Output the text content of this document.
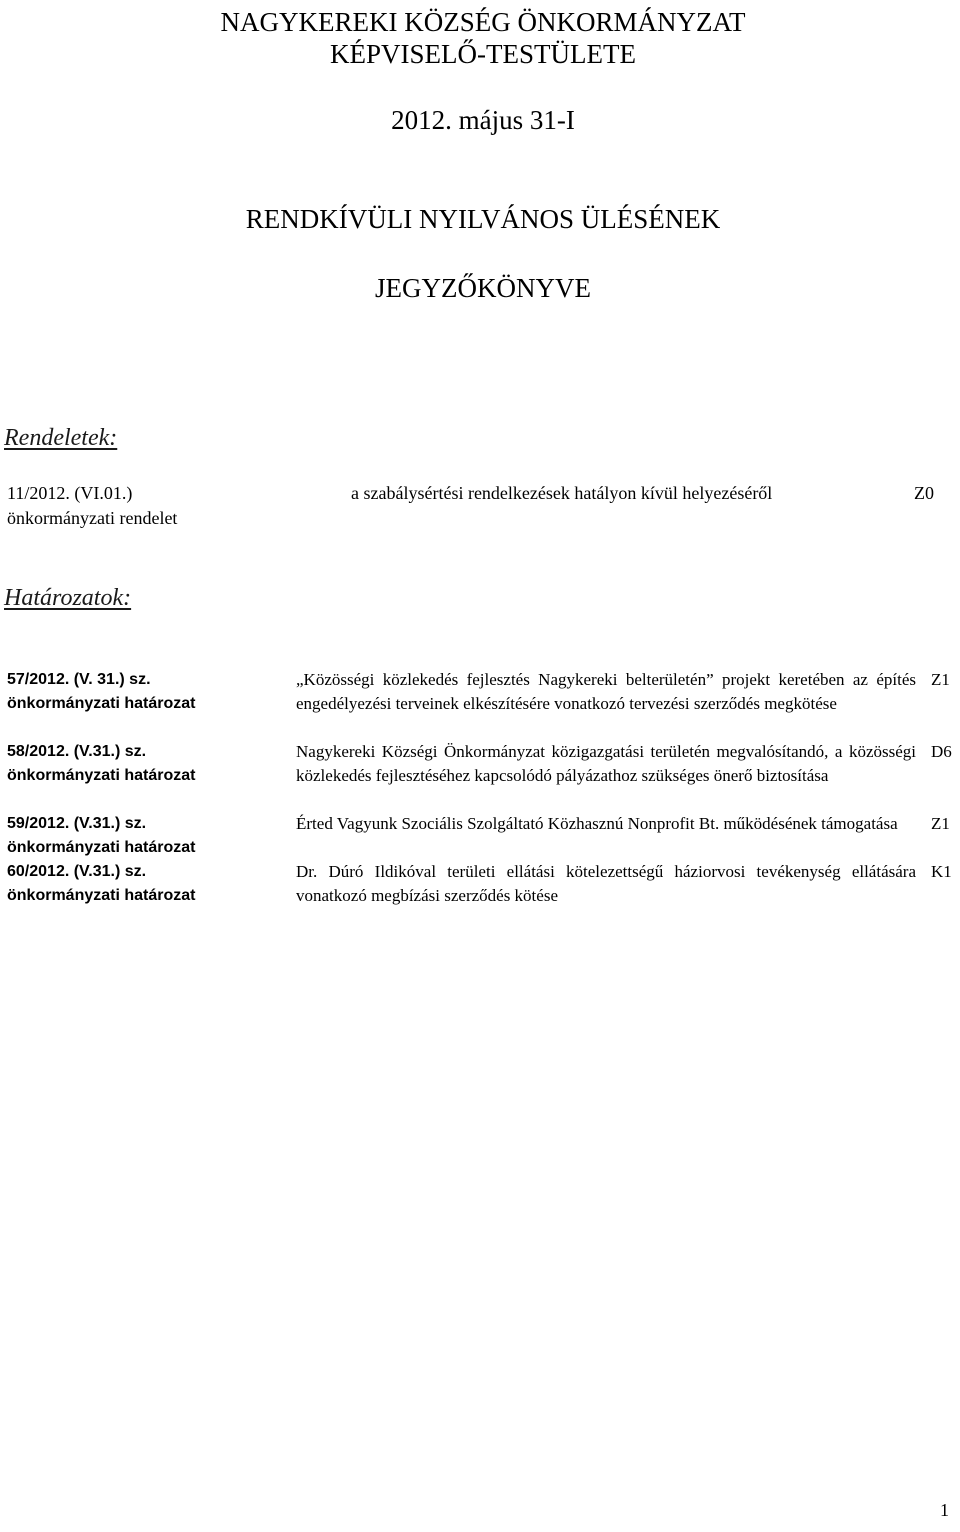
NAGYKEREKI KÖZSÉG ÖNKORMÁNYZAT
KÉPVISELŐ-TESTÜLETE
2012. május 31-I
RENDKÍVÜLI NYILVÁNOS ÜLÉSÉNEK
JEGYZŐKÖNYVE
Rendeletek:
11/2012. (VI.01.)
önkormányzati rendelet
a szabálysértési rendelkezések hatályon kívül helyezéséről	Z0
Határozatok:
57/2012. (V. 31.) sz.
önkormányzati határozat
„Közösségi közlekedés fejlesztés Nagykereki belterületén” projekt keretében az építés engedélyezési terveinek elkészítésére vonatkozó tervezési szerződés megkötése
Z1
58/2012. (V.31.) sz.
önkormányzati határozat
Nagykereki Községi Önkormányzat közigazgatási területén megvalósítandó, a közösségi közlekedés fejlesztéséhez kapcsolódó pályázathoz szükséges önerő biztosítása
D6
59/2012. (V.31.) sz.
önkormányzati határozat
Érted Vagyunk Szociális Szolgáltató Közhasznú Nonprofit Bt. működésének támogatása	Z1
60/2012. (V.31.) sz.
önkormányzati határozat
Dr. Dúró Ildikóval területi ellátási kötelezettségű háziorvosi tevékenység ellátására vonatkozó megbízási szerződés kötése
K1
1
